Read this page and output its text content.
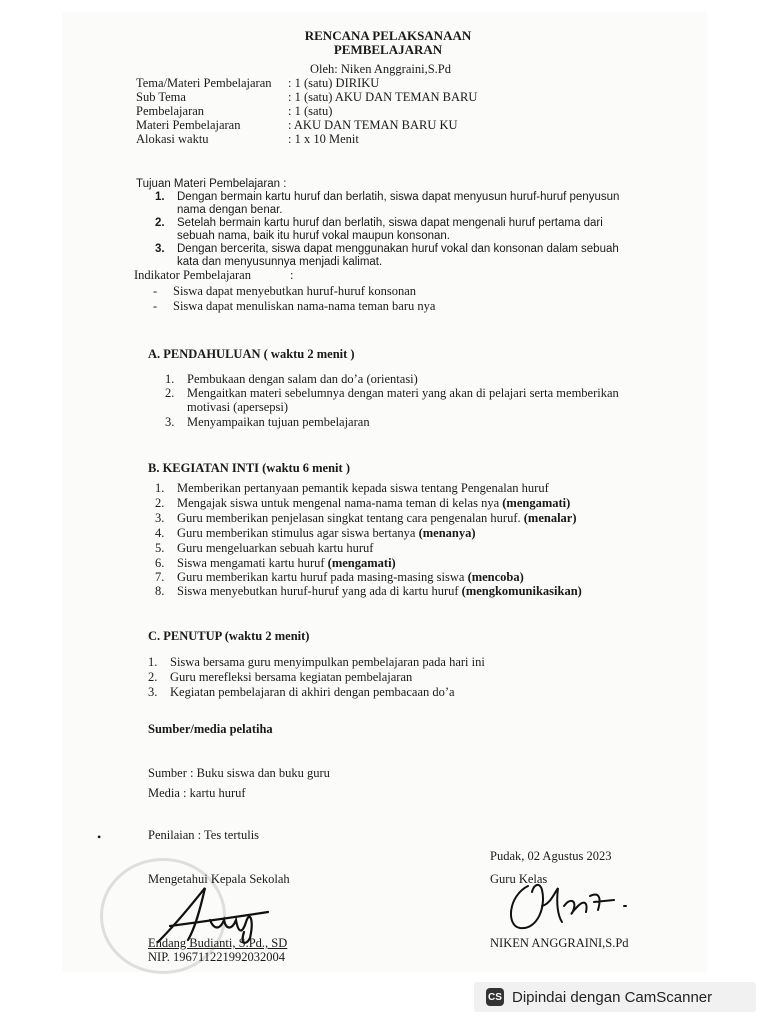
RENCANA PELAKSANAAN
PEMBELAJARAN
Oleh: Niken Anggraini,S.Pd
Tema/Materi Pembelajaran : 1 (satu) DIRIKU
Sub Tema	: 1 (satu) AKU DAN TEMAN BARU
Pembelajaran	: 1 (satu)
Materi Pembelajaran	: AKU DAN TEMAN BARU KU
Alokasi waktu	: 1 x 10 Menit
Tujuan Materi Pembelajaran :
1. Dengan bermain kartu huruf dan berlatih, siswa dapat menyusun huruf-huruf penyusun
nama dengan benar.
2. Setelah bermain kartu huruf dan berlatih, siswa dapat mengenali huruf pertama dari
sebuah nama, baik itu huruf vokal maupun konsonan.
3. Dengan bercerita, siswa dapat menggunakan huruf vokal dan konsonan dalam sebuah
kata dan menyusunnya menjadi kalimat.
Indikator Pembelajaran	:
- Siswa dapat menyebutkan huruf-huruf konsonan
- Siswa dapat menuliskan nama-nama teman baru nya
A. PENDAHULUAN ( waktu 2 menit )
1. Pembukaan dengan salam dan do’a (orientasi)
2. Mengaitkan materi sebelumnya dengan materi yang akan di pelajari serta memberikan
motivasi (apersepsi)
3. Menyampaikan tujuan pembelajaran
B. KEGIATAN INTI (waktu 6 menit )
1. Memberikan pertanyaan pemantik kepada siswa tentang Pengenalan huruf
2. Mengajak siswa untuk mengenal nama-nama teman di kelas nya (mengamati)
3. Guru memberikan penjelasan singkat tentang cara pengenalan huruf. (menalar)
4. Guru memberikan stimulus agar siswa bertanya (menanya)
5. Guru mengeluarkan sebuah kartu huruf
6. Siswa mengamati kartu huruf (mengamati)
7. Guru memberikan kartu huruf pada masing-masing siswa (mencoba)
8. Siswa menyebutkan huruf-huruf yang ada di kartu huruf (mengkomunikasikan)
C. PENUTUP (waktu 2 menit)
1. Siswa bersama guru menyimpulkan pembelajaran pada hari ini
2. Guru merefleksi bersama kegiatan pembelajaran
3. Kegiatan pembelajaran di akhiri dengan pembacaan do’a
Sumber/media pelatiha
Sumber : Buku siswa dan buku guru
Media : kartu huruf
•	Penilaian : Tes tertulis
Pudak, 02 Agustus 2023
Mengetahui Kepala Sekolah	Guru Kelas
Endang Budianti, S.Pd., SD
NIP. 196711221992032004
NIKEN ANGGRAINI,S.Pd
CS Dipindai dengan CamScanner
